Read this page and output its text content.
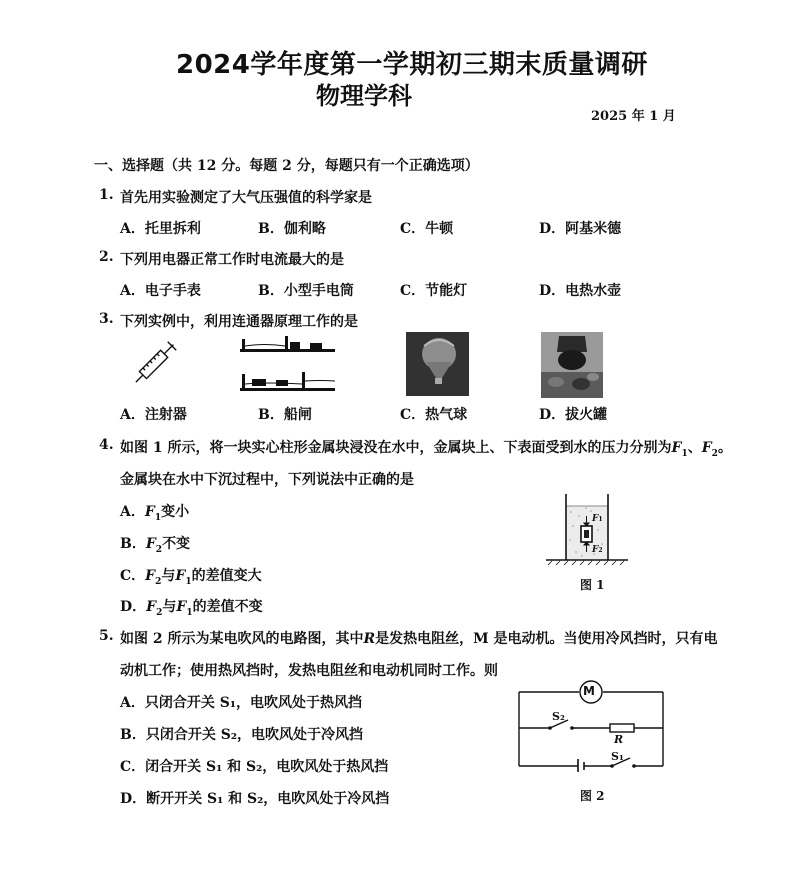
2024学年度第一学期初三期末质量调研
物理学科
2025 年 1 月
一、选择题（共 12 分。每题 2 分，每题只有一个正确选项）
1. 首先用实验测定了大气压强值的科学家是
A．托里拆利	B．伽利略	C．牛顿	D．阿基米德
2. 下列用电器正常工作时电流最大的是
A．电子手表	B．小型手电筒	C．节能灯	D．电热水壶
3. 下列实例中，利用连通器原理工作的是
A．注射器	B．船闸	C．热气球	D．拔火罐
4. 如图 1 所示，将一块实心柱形金属块浸没在水中，金属块上、下表面受到水的压力分别为$F_1$、$F_2$。
金属块在水中下沉过程中，下列说法中正确的是
A．$F_1$变小
B．$F_2$不变
C．$F_2$与$F_1$的差值变大
D．$F_2$与$F_1$的差值不变
F1
F2
图 1
5. 如图 2 所示为某电吹风的电路图，其中R是发热电阻丝，M 是电动机。当使用冷风挡时，只有电
动机工作；使用热风挡时，发热电阻丝和电动机同时工作。则
A．只闭合开关 S₁，电吹风处于热风挡
B．只闭合开关 S₂，电吹风处于冷风挡
C．闭合开关 S₁ 和 S₂，电吹风处于热风挡
D．断开开关 S₁ 和 S₂，电吹风处于冷风挡
M
S₂
R
S₁
图 2
